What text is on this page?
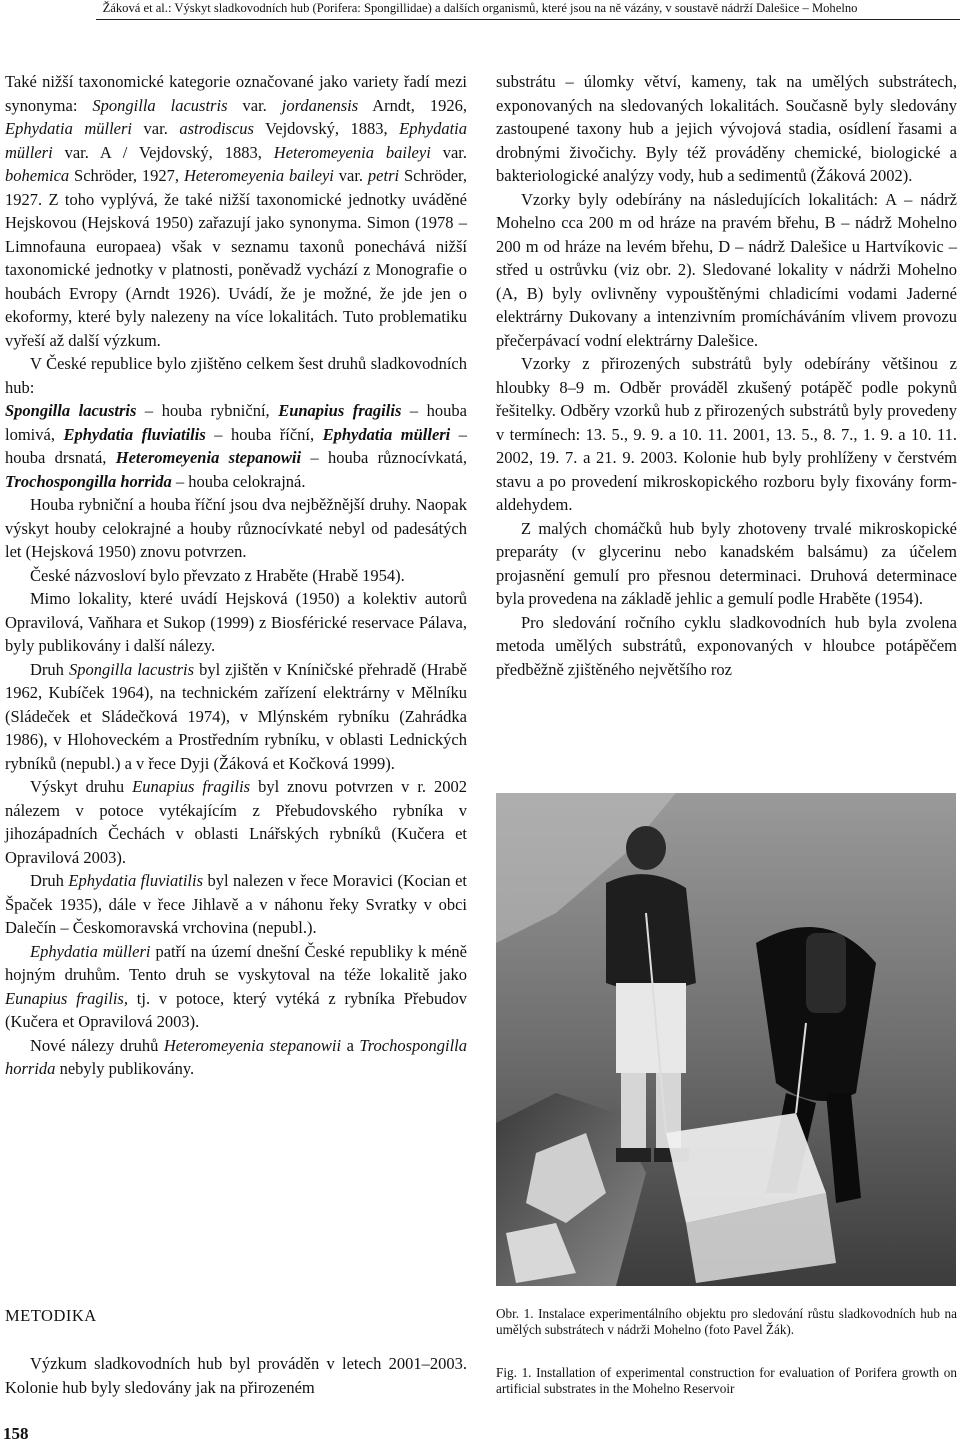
Žáková et al.: Výskyt sladkovodních hub (Porifera: Spongillidae) a dalších organismů, které jsou na ně vázány, v soustavě nádrží Dalešice – Mohelno

Také nižší taxonomické kategorie označované jako variety řadí mezi synonyma: Spongilla lacustris var. jordanensis Arndt, 1926, Ephydatia mülleri var. astrodiscus Vejdovský, 1883, Ephydatia mülleri var. A / Vejdovský, 1883, Heteromeyenia baileyi var. bohemica Schröder, 1927, Heteromeyenia baileyi var. petri Schröder, 1927. Z toho vyplývá, že také nižší taxonomické jednotky uváděné Hejskovou (Hejsková 1950) zařazují jako synonyma. Simon (1978 – Limnofauna europaea) však v seznamu taxonů ponechává nižší taxonomické jednotky v platnosti, poněvadž vychází z Monografie o houbách Evropy (Arndt 1926). Uvádí, že je možné, že jde jen o ekoformy, které byly nalezeny na více lokalitách. Tuto problematiku vyřeší až další výzkum.

V České republice bylo zjištěno celkem šest druhů sladkovodních hub:

Spongilla lacustris – houba rybniční, Eunapius fragilis – houba lomivá, Ephydatia fluviatilis – houba říční, Ephydatia mülleri – houba drsnatá, Heteromeyenia stepanowii – houba různocívkatá, Trochospongilla horrida – houba celokrajná.

Houba rybniční a houba říční jsou dva nejběžnější druhy. Naopak výskyt houby celokrajné a houby různocívkaté nebyl od padesátých let (Hejsková 1950) znovu potvrzen.

České názvosloví bylo převzato z Hraběte (Hrabě 1954).

Mimo lokality, které uvádí Hejsková (1950) a kolektiv autorů Opravilová, Vaňhara et Sukop (1999) z Biosférické reservace Pálava, byly publikovány i další nálezy.

Druh Spongilla lacustris byl zjištěn v Kníničské přehradě (Hrabě 1962, Kubíček 1964), na technickém zařízení elektrárny v Mělníku (Sládeček et Sládečková 1974), v Mlýnském rybníku (Zahrádka 1986), v Hlohoveckém a Prostředním rybníku, v oblasti Lednických rybníků (nepubl.) a v řece Dyji (Žáková et Kočková 1999).

Výskyt druhu Eunapius fragilis byl znovu potvrzen v r. 2002 nálezem v potoce vytékajícím z Přebudovského rybníka v jihozápadních Čechách v oblasti Lnářských rybníků (Kučera et Opravilová 2003).

Druh Ephydatia fluviatilis byl nalezen v řece Moravici (Kocian et Špaček 1935), dále v řece Jihlavě a v náhonu řeky Svratky v obci Dalečín – Českomoravská vrchovina (nepubl.).

Ephydatia mülleri patří na území dnešní České republiky k méně hojným druhům. Tento druh se vyskytoval na téže lokalitě jako Eunapius fragilis, tj. v potoce, který vytéká z rybníka Přebudov (Kučera et Opravilová 2003).

Nové nálezy druhů Heteromeyenia stepanowii a Trochospongilla horrida nebyly publikovány.

METODIKA

Výzkum sladkovodních hub byl prováděn v letech 2001–2003. Kolonie hub byly sledovány jak na přirozeném

substrátu – úlomky větví, kameny, tak na umělých substrátech, exponovaných na sledovaných lokalitách. Současně byly sledovány zastoupené taxony hub a jejich vývojová stadia, osídlení řasami a drobnými živočichy. Byly též prováděny chemické, biologické a bakteriologické analýzy vody, hub a sedimentů (Žáková 2002).

Vzorky byly odebírány na následujících lokalitách: A – nádrž Mohelno cca 200 m od hráze na pravém břehu, B – nádrž Mohelno 200 m od hráze na levém břehu, D – nádrž Dalešice u Hartvíkovic – střed u ostrůvku (viz obr. 2). Sledované lokality v nádrži Mohelno (A, B) byly ovlivněny vypouštěnými chladicími vodami Jaderné elektrárny Dukovany a intenzivním promícháváním vlivem provozu přečerpávací vodní elektrárny Dalešice.

Vzorky z přirozených substrátů byly odebírány většinou z hloubky 8–9 m. Odběr prováděl zkušený potápěč podle pokynů řešitelky. Odběry vzorků hub z přirozených substrátů byly provedeny v termínech: 13. 5., 9. 9. a 10. 11. 2001, 13. 5., 8. 7., 1. 9. a 10. 11. 2002, 19. 7. a 21. 9. 2003. Kolonie hub byly prohlíženy v čerstvém stavu a po provedení mikroskopického rozboru byly fixovány formaldehydem.

Z malých chomáčků hub byly zhotoveny trvalé mikroskopické preparáty (v glycerinu nebo kanadském balsámu) za účelem projasnění gemulí pro přesnou determinaci. Druhová determinace byla provedena na základě jehlic a gemulí podle Hraběte (1954).

Pro sledování ročního cyklu sladkovodních hub byla zvolena metoda umělých substrátů, exponovaných v hloubce potápěčem předběžně zjištěného největšího roz

Obr. 1. Instalace experimentálního objektu pro sledování růstu sladkovodních hub na umělých substrátech v nádrži Mohelno (foto Pavel Žák).
Fig. 1. Installation of experimental construction for evaluation of Porifera growth on artificial substrates in the Mohelno Reservoir
158
